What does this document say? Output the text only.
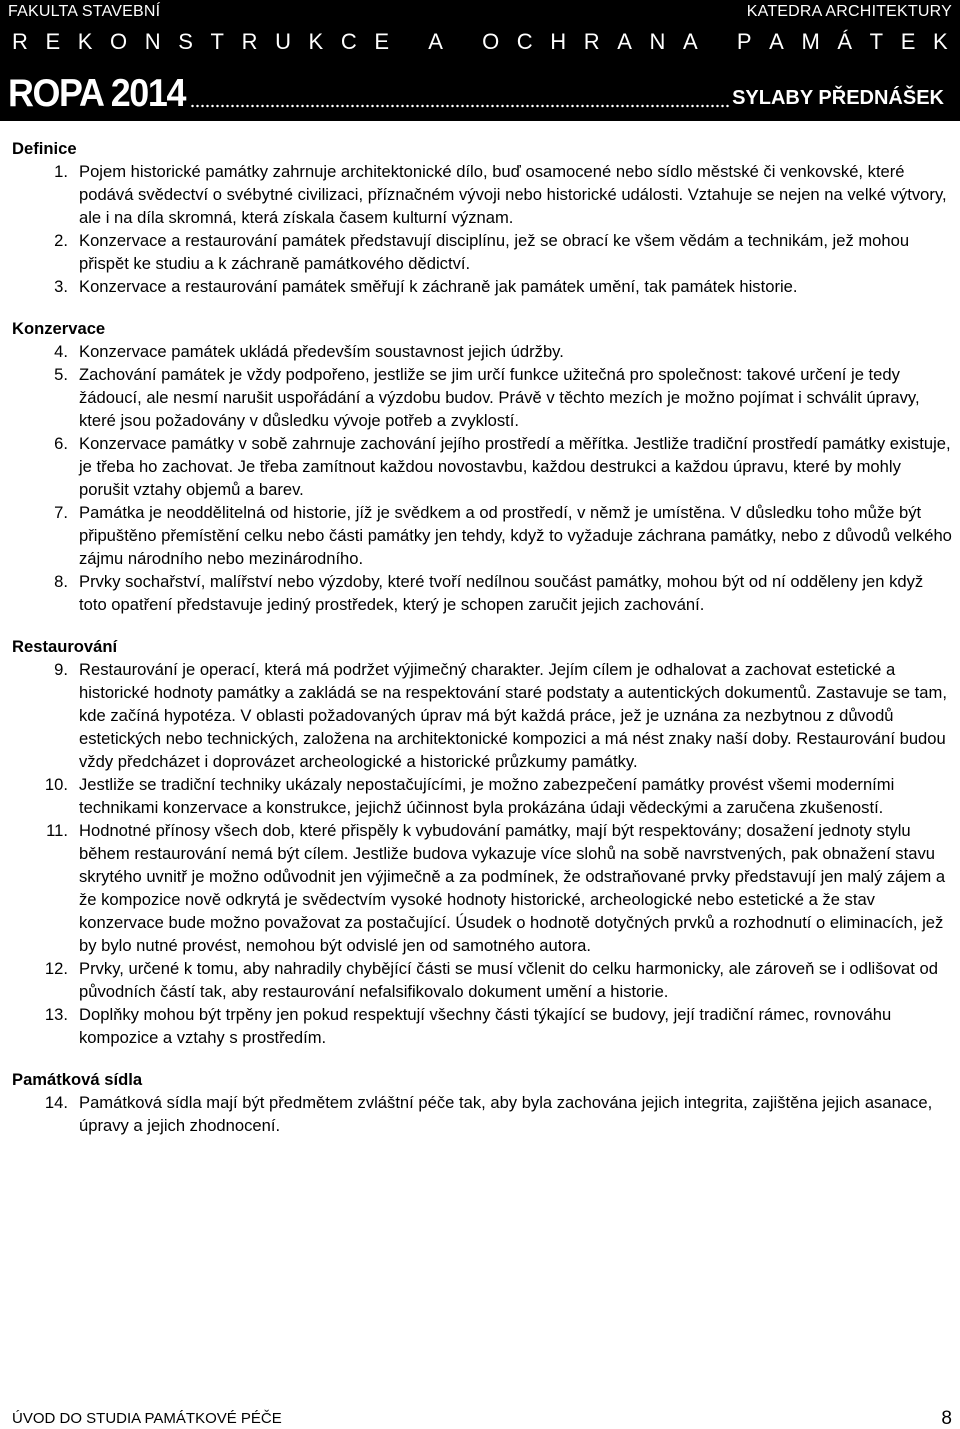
FAKULTA STAVEBNÍ	KATEDRA ARCHITEKTURY
R E K O N S T R U K C E A O C H R A N A P A M Á T E K
ROPA 2014	SYLABY PŘEDNÁŠEK
Definice
1. Pojem historické památky zahrnuje architektonické dílo, buď osamocené nebo sídlo městské či venkovské, které podává svědectví o svébytné civilizaci, příznačném vývoji nebo historické události. Vztahuje se nejen na velké výtvory, ale i na díla skromná, která získala časem kulturní význam.
2. Konzervace a restaurování památek představují disciplínu, jež se obrací ke všem vědám a technikám, jež mohou přispět ke studiu a k záchraně památkového dědictví.
3. Konzervace a restaurování památek směřují k záchraně jak památek umění, tak památek historie.
Konzervace
4. Konzervace památek ukládá především soustavnost jejich údržby.
5. Zachování památek je vždy podpořeno, jestliže se jim určí funkce užitečná pro společnost: takové určení je tedy žádoucí, ale nesmí narušit uspořádání a výzdobu budov. Právě v těchto mezích je možno pojímat i schválit úpravy, které jsou požadovány v důsledku vývoje potřeb a zvyklostí.
6. Konzervace památky v sobě zahrnuje zachování jejího prostředí a měřítka. Jestliže tradiční prostředí památky existuje, je třeba ho zachovat. Je třeba zamítnout každou novostavbu, každou destrukci a každou úpravu, které by mohly porušit vztahy objemů a barev.
7. Památka je neoddělitelná od historie, jíž je svědkem a od prostředí, v němž je umístěna. V důsledku toho může být připuštěno přemístění celku nebo části památky jen tehdy, když to vyžaduje záchrana památky, nebo z důvodů velkého zájmu národního nebo mezinárodního.
8. Prvky sochařství, malířství nebo výzdoby, které tvoří nedílnou součást památky, mohou být od ní odděleny jen když toto opatření představuje jediný prostředek, který je schopen zaručit jejich zachování.
Restaurování
9. Restaurování je operací, která má podržet výjimečný charakter. Jejím cílem je odhalovat a zachovat estetické a historické hodnoty památky a zakládá se na respektování staré podstaty a autentických dokumentů. Zastavuje se tam, kde začíná hypotéza. V oblasti požadovaných úprav má být každá práce, jež je uznána za nezbytnou z důvodů estetických nebo technických, založena na architektonické kompozici a má nést znaky naší doby. Restaurování budou vždy předcházet i doprovázet archeologické a historické průzkumy památky.
10. Jestliže se tradiční techniky ukázaly nepostačujícími, je možno zabezpečení památky provést všemi moderními technikami konzervace a konstrukce, jejichž účinnost byla prokázána údaji vědeckými a zaručena zkušeností.
11. Hodnotné přínosy všech dob, které přispěly k vybudování památky, mají být respektovány; dosažení jednoty stylu během restaurování nemá být cílem. Jestliže budova vykazuje více slohů na sobě navrstvených, pak obnažení stavu skrytého uvnitř je možno odůvodnit jen výjimečně a za podmínek, že odstraňované prvky představují jen malý zájem a že kompozice nově odkrytá je svědectvím vysoké hodnoty historické, archeologické nebo estetické a že stav konzervace bude možno považovat za postačující. Úsudek o hodnotě dotyčných prvků a rozhodnutí o eliminacích, jež by bylo nutné provést, nemohou být odvislé jen od samotného autora.
12. Prvky, určené k tomu, aby nahradily chybějící části se musí včlenit do celku harmonicky, ale zároveň se i odlišovat od původních částí tak, aby restaurování nefalsifikovalo dokument umění a historie.
13. Doplňky mohou být trpěny jen pokud respektují všechny části týkající se budovy, její tradiční rámec, rovnováhu kompozice a vztahy s prostředím.
Památková sídla
14. Památková sídla mají být předmětem zvláštní péče tak, aby byla zachována jejich integrita, zajištěna jejich asanace, úpravy a jejich zhodnocení.
ÚVOD DO STUDIA PAMÁTKOVÉ PÉČE	8
